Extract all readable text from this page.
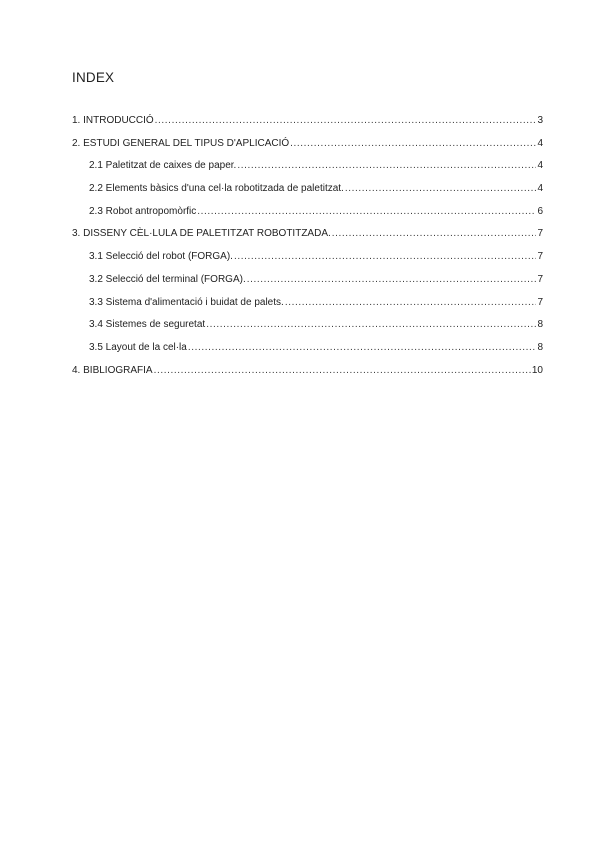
INDEX
1. INTRODUCCIÓ .....	3
2. ESTUDI GENERAL DEL TIPUS D'APLICACIÓ .....	4
2.1 Paletitzat de caixes de paper. .....	4
2.2 Elements bàsics d'una cel·la robotitzada de paletitzat. .....	4
2.3 Robot antropomòrfic .....	6
3. DISSENY CÈL·LULA DE PALETITZAT ROBOTITZADA. .....	7
3.1 Selecció del robot (FORGA). .....	7
3.2 Selecció del terminal (FORGA). .....	7
3.3 Sistema d'alimentació i buidat de palets. .....	7
3.4 Sistemes de seguretat .....	8
3.5 Layout de la cel·la .....	8
4. BIBLIOGRAFIA .....	10
